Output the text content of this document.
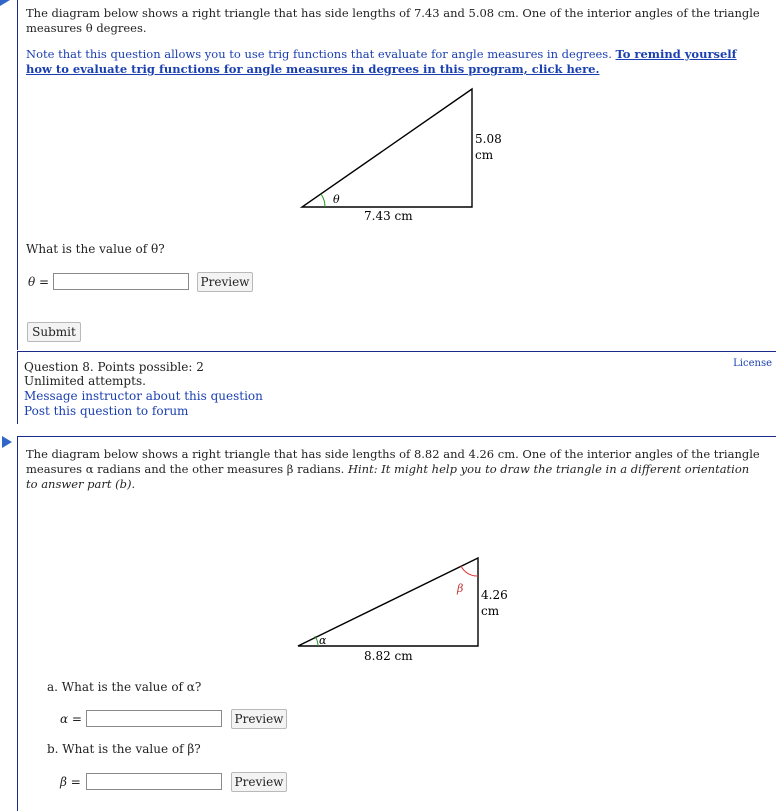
The diagram below shows a right triangle that has side lengths of 7.43 and 5.08 cm. One of the interior angles of the triangle measures θ degrees.
Note that this question allows you to use trig functions that evaluate for angle measures in degrees. To remind yourself how to evaluate trig functions for angle measures in degrees in this program, click here.
θ
7.43 cm
5.08
cm
What is the value of θ?
θ =	Preview
Submit
Question 8. Points possible: 2
Unlimited attempts.
Message instructor about this question
Post this question to forum
License
The diagram below shows a right triangle that has side lengths of 8.82 and 4.26 cm. One of the interior angles of the triangle measures α radians and the other measures β radians. Hint: It might help you to draw the triangle in a different orientation to answer part (b).
α
β
8.82 cm
4.26
cm
a. What is the value of α?
α =	Preview
b. What is the value of β?
β =	Preview
